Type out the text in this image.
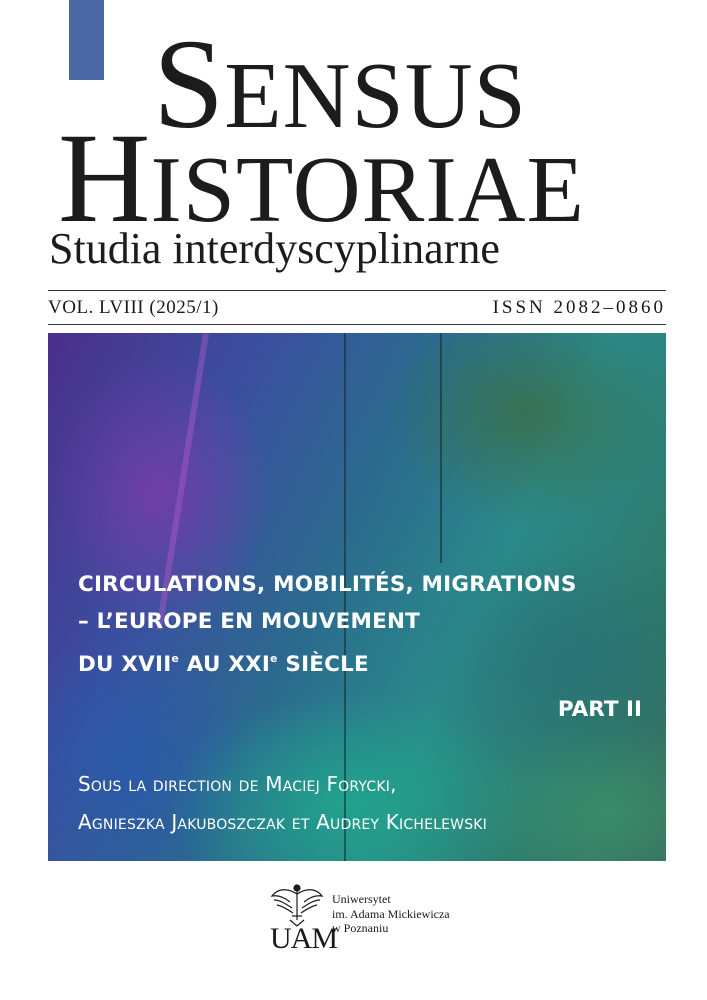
SENSUS
HISTORIAE
Studia interdyscyplinarne
VOL. LVIII (2025/1)	ISSN 2082–0860
CIRCULATIONS, MOBILITÉS, MIGRATIONS
– L’EUROPE EN MOUVEMENT
DU XVIIe AU XXIe SIÈCLE
PART II
Sous la direction de Maciej Forycki,
Agnieszka Jakuboszczak et Audrey Kichelewski
UAM
Uniwersytet
im. Adama Mickiewicza
w Poznaniu
